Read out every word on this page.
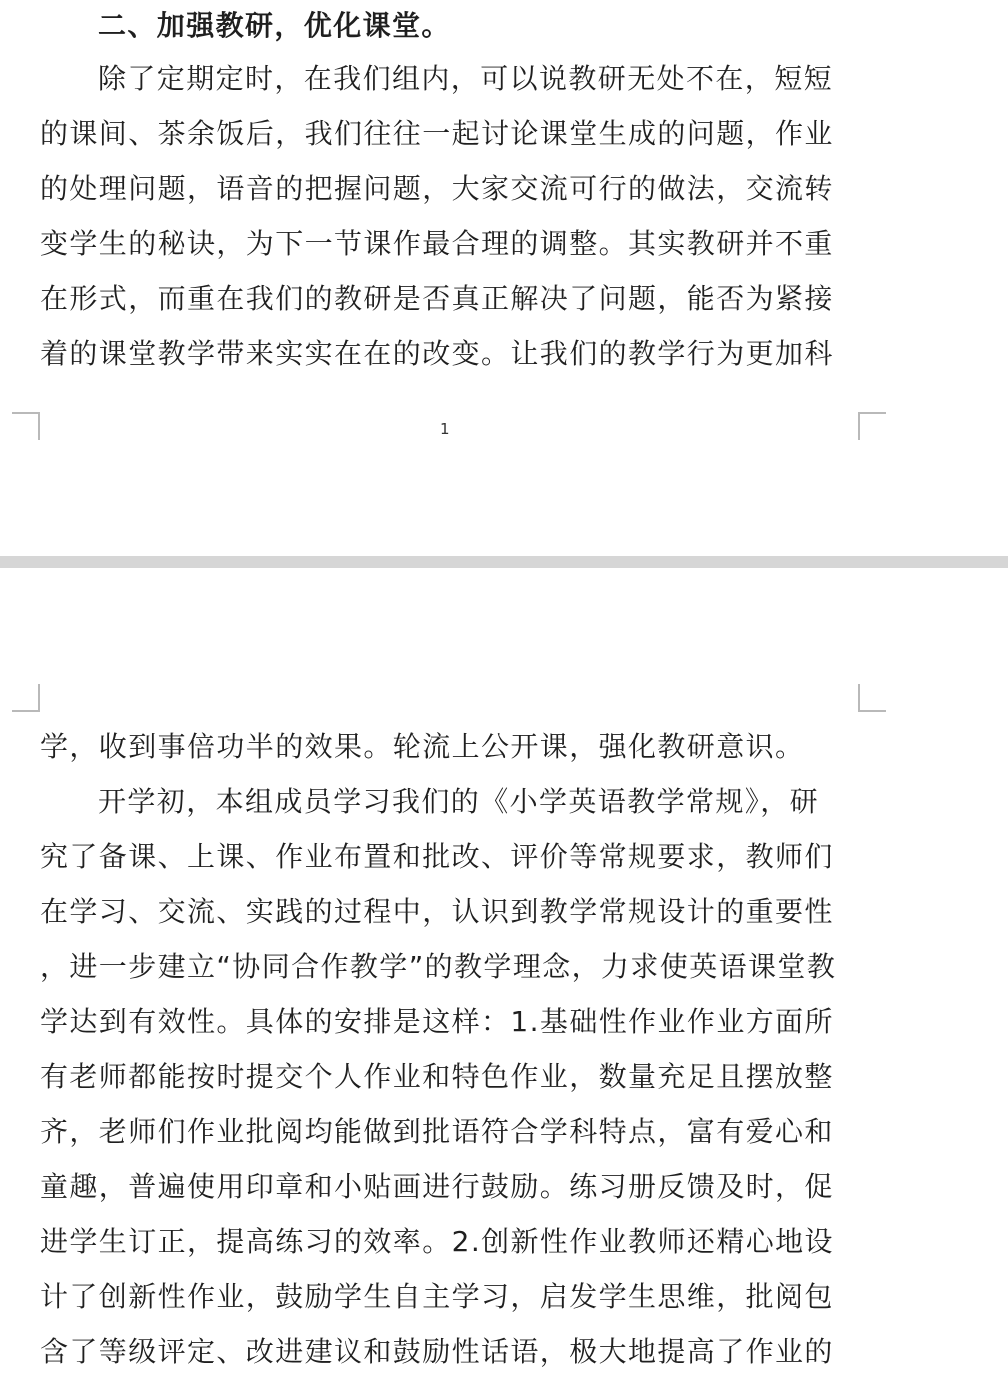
二、加强教研，优化课堂。
除了定期定时，在我们组内，可以说教研无处不在，短短
的课间、茶余饭后，我们往往一起讨论课堂生成的问题，作业
的处理问题，语音的把握问题，大家交流可行的做法，交流转
变学生的秘诀，为下一节课作最合理的调整。其实教研并不重
在形式，而重在我们的教研是否真正解决了问题，能否为紧接
着的课堂教学带来实实在在的改变。让我们的教学行为更加科
1
学，收到事倍功半的效果。轮流上公开课，强化教研意识。
开学初，本组成员学习我们的《小学英语教学常规》，研
究了备课、上课、作业布置和批改、评价等常规要求，教师们
在学习、交流、实践的过程中，认识到教学常规设计的重要性
，进一步建立“协同合作教学”的教学理念，力求使英语课堂教
学达到有效性。具体的安排是这样：1.基础性作业作业方面所
有老师都能按时提交个人作业和特色作业，数量充足且摆放整
齐，老师们作业批阅均能做到批语符合学科特点，富有爱心和
童趣，普遍使用印章和小贴画进行鼓励。练习册反馈及时，促
进学生订正，提高练习的效率。2.创新性作业教师还精心地设
计了创新性作业，鼓励学生自主学习，启发学生思维，批阅包
含了等级评定、改进建议和鼓励性话语，极大地提高了作业的
